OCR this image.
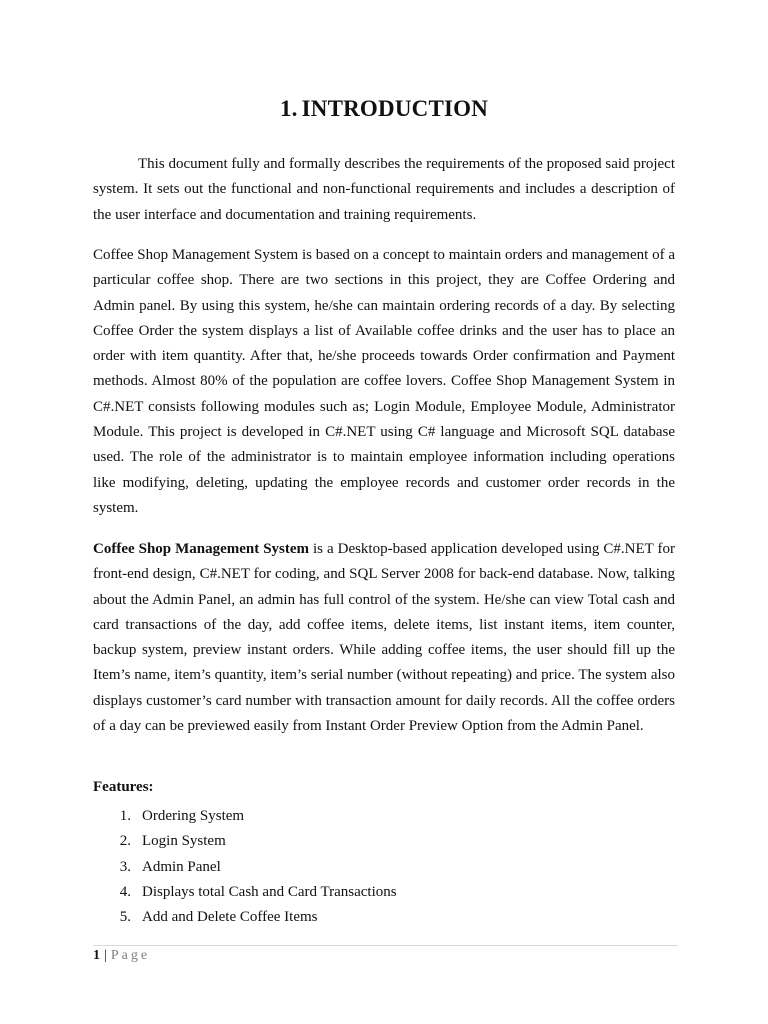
1. INTRODUCTION

This document fully and formally describes the requirements of the proposed said project system. It sets out the functional and non-functional requirements and includes a description of the user interface and documentation and training requirements.

Coffee Shop Management System is based on a concept to maintain orders and management of a particular coffee shop. There are two sections in this project, they are Coffee Ordering and Admin panel. By using this system, he/she can maintain ordering records of a day. By selecting Coffee Order the system displays a list of Available coffee drinks and the user has to place an order with item quantity. After that, he/she proceeds towards Order confirmation and Payment methods. Almost 80% of the population are coffee lovers. Coffee Shop Management System in C#.NET consists following modules such as; Login Module, Employee Module, Administrator Module. This project is developed in C#.NET using C# language and Microsoft SQL database used. The role of the administrator is to maintain employee information including operations like modifying, deleting, updating the employee records and customer order records in the system.

Coffee Shop Management System is a Desktop-based application developed using C#.NET for front-end design, C#.NET for coding, and SQL Server 2008 for back-end database. Now, talking about the Admin Panel, an admin has full control of the system. He/she can view Total cash and card transactions of the day, add coffee items, delete items, list instant items, item counter, backup system, preview instant orders. While adding coffee items, the user should fill up the Item’s name, item’s quantity, item’s serial number (without repeating) and price. The system also displays customer’s card number with transaction amount for daily records. All the coffee orders of a day can be previewed easily from Instant Order Preview Option from the Admin Panel.

Features:

1. Ordering System
2. Login System
3. Admin Panel
4. Displays total Cash and Card Transactions
5. Add and Delete Coffee Items
1 | Page
